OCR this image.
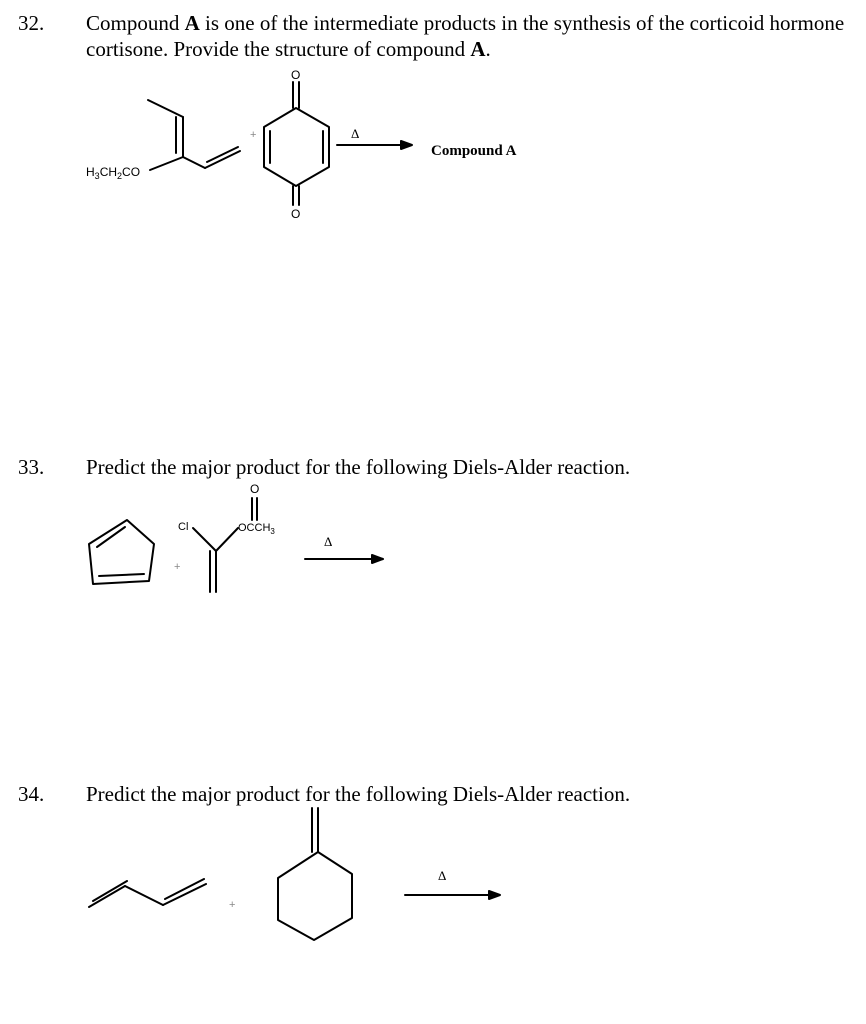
32. Compound A is one of the intermediate products in the synthesis of the corticoid hormone cortisone. Provide the structure of compound A.
$H_3CH_2CO$
+
O
O
Δ
Compound A
33. Predict the major product for the following Diels-Alder reaction.
+
Cl
O
$OCCH_3$
Δ
34. Predict the major product for the following Diels-Alder reaction.
+
Δ
